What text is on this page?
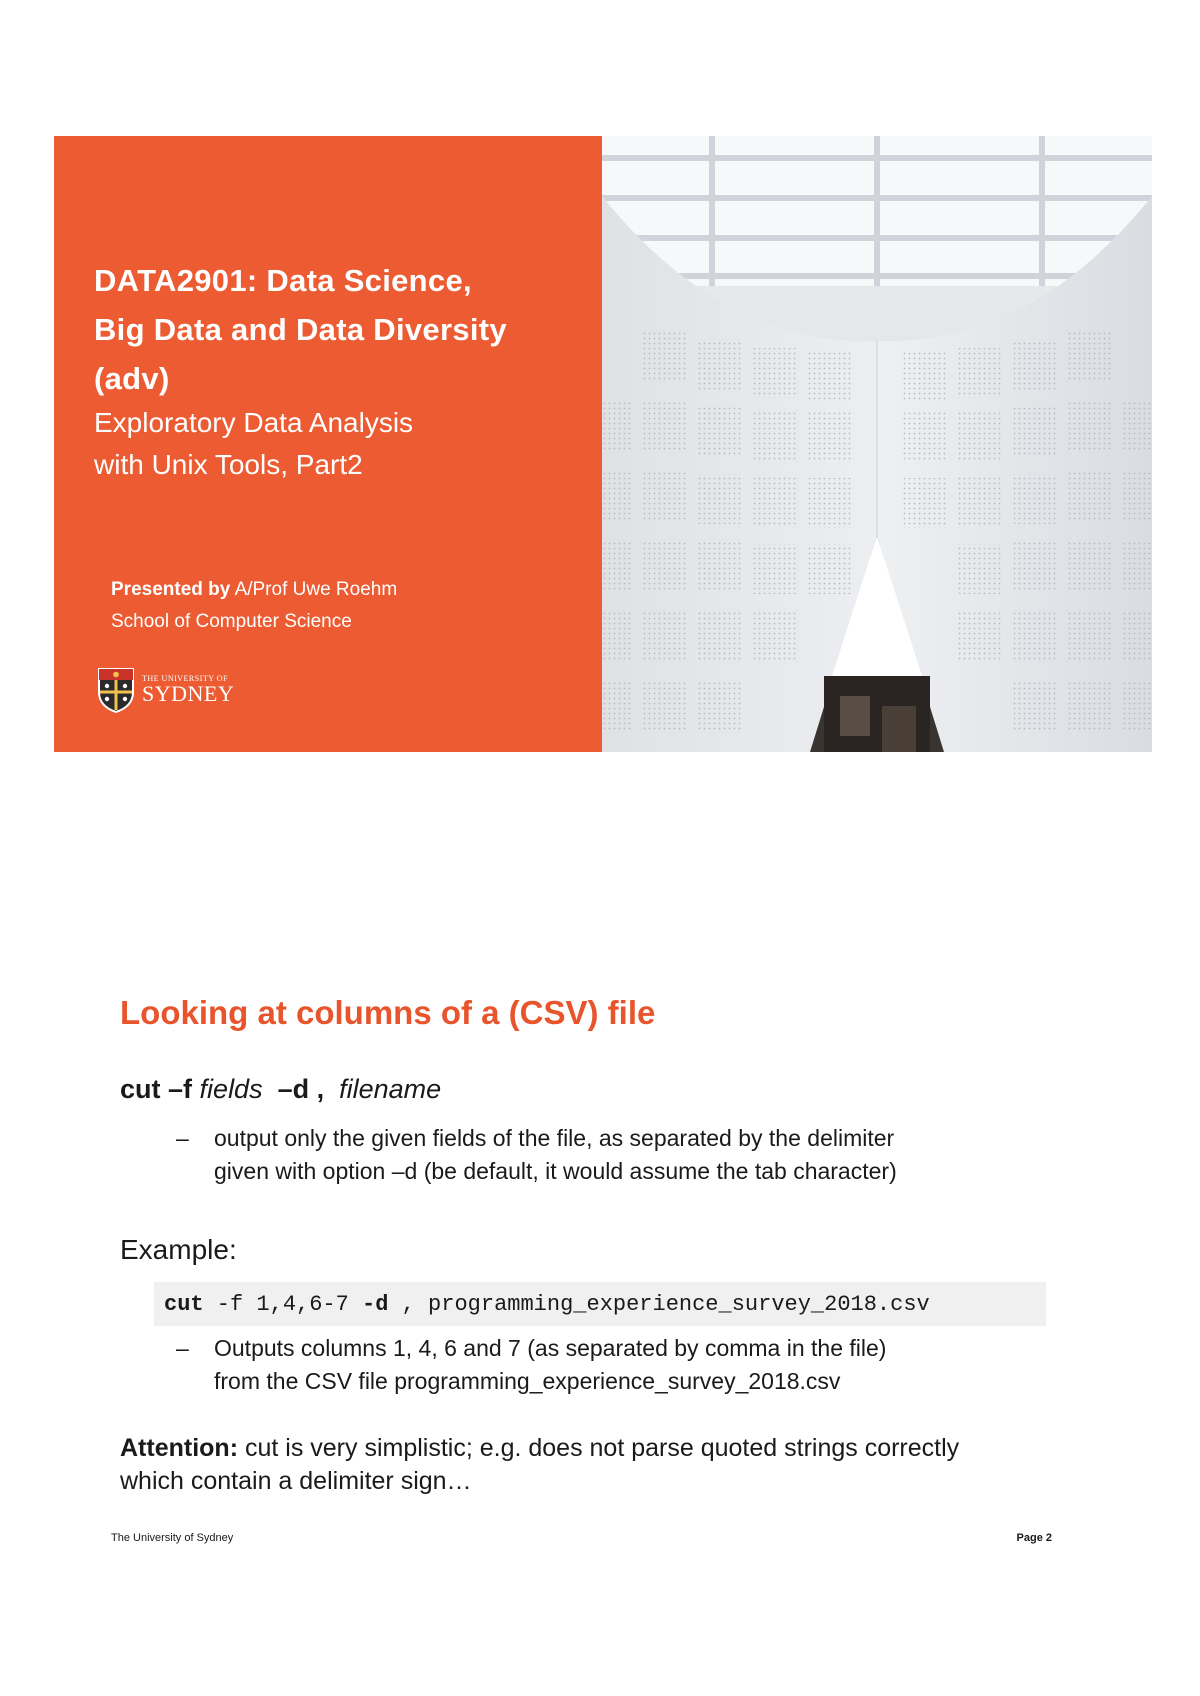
DATA2901: Data Science,
Big Data and Data Diversity
(adv)
Exploratory Data Analysis
with Unix Tools, Part2
Presented by A/Prof Uwe Roehm
School of Computer Science
THE UNIVERSITY OF
SYDNEY
Looking at columns of a (CSV) file
cut –f fields –d , filename
– output only the given fields of the file, as separated by the delimiter
given with option –d (be default, it would assume the tab character)
Example:
cut -f 1,4,6-7 -d , programming_experience_survey_2018.csv
– Outputs columns 1, 4, 6 and 7 (as separated by comma in the file)
from the CSV file programming_experience_survey_2018.csv
Attention: cut is very simplistic; e.g. does not parse quoted strings correctly
which contain a delimiter sign…
The University of Sydney	Page 2
